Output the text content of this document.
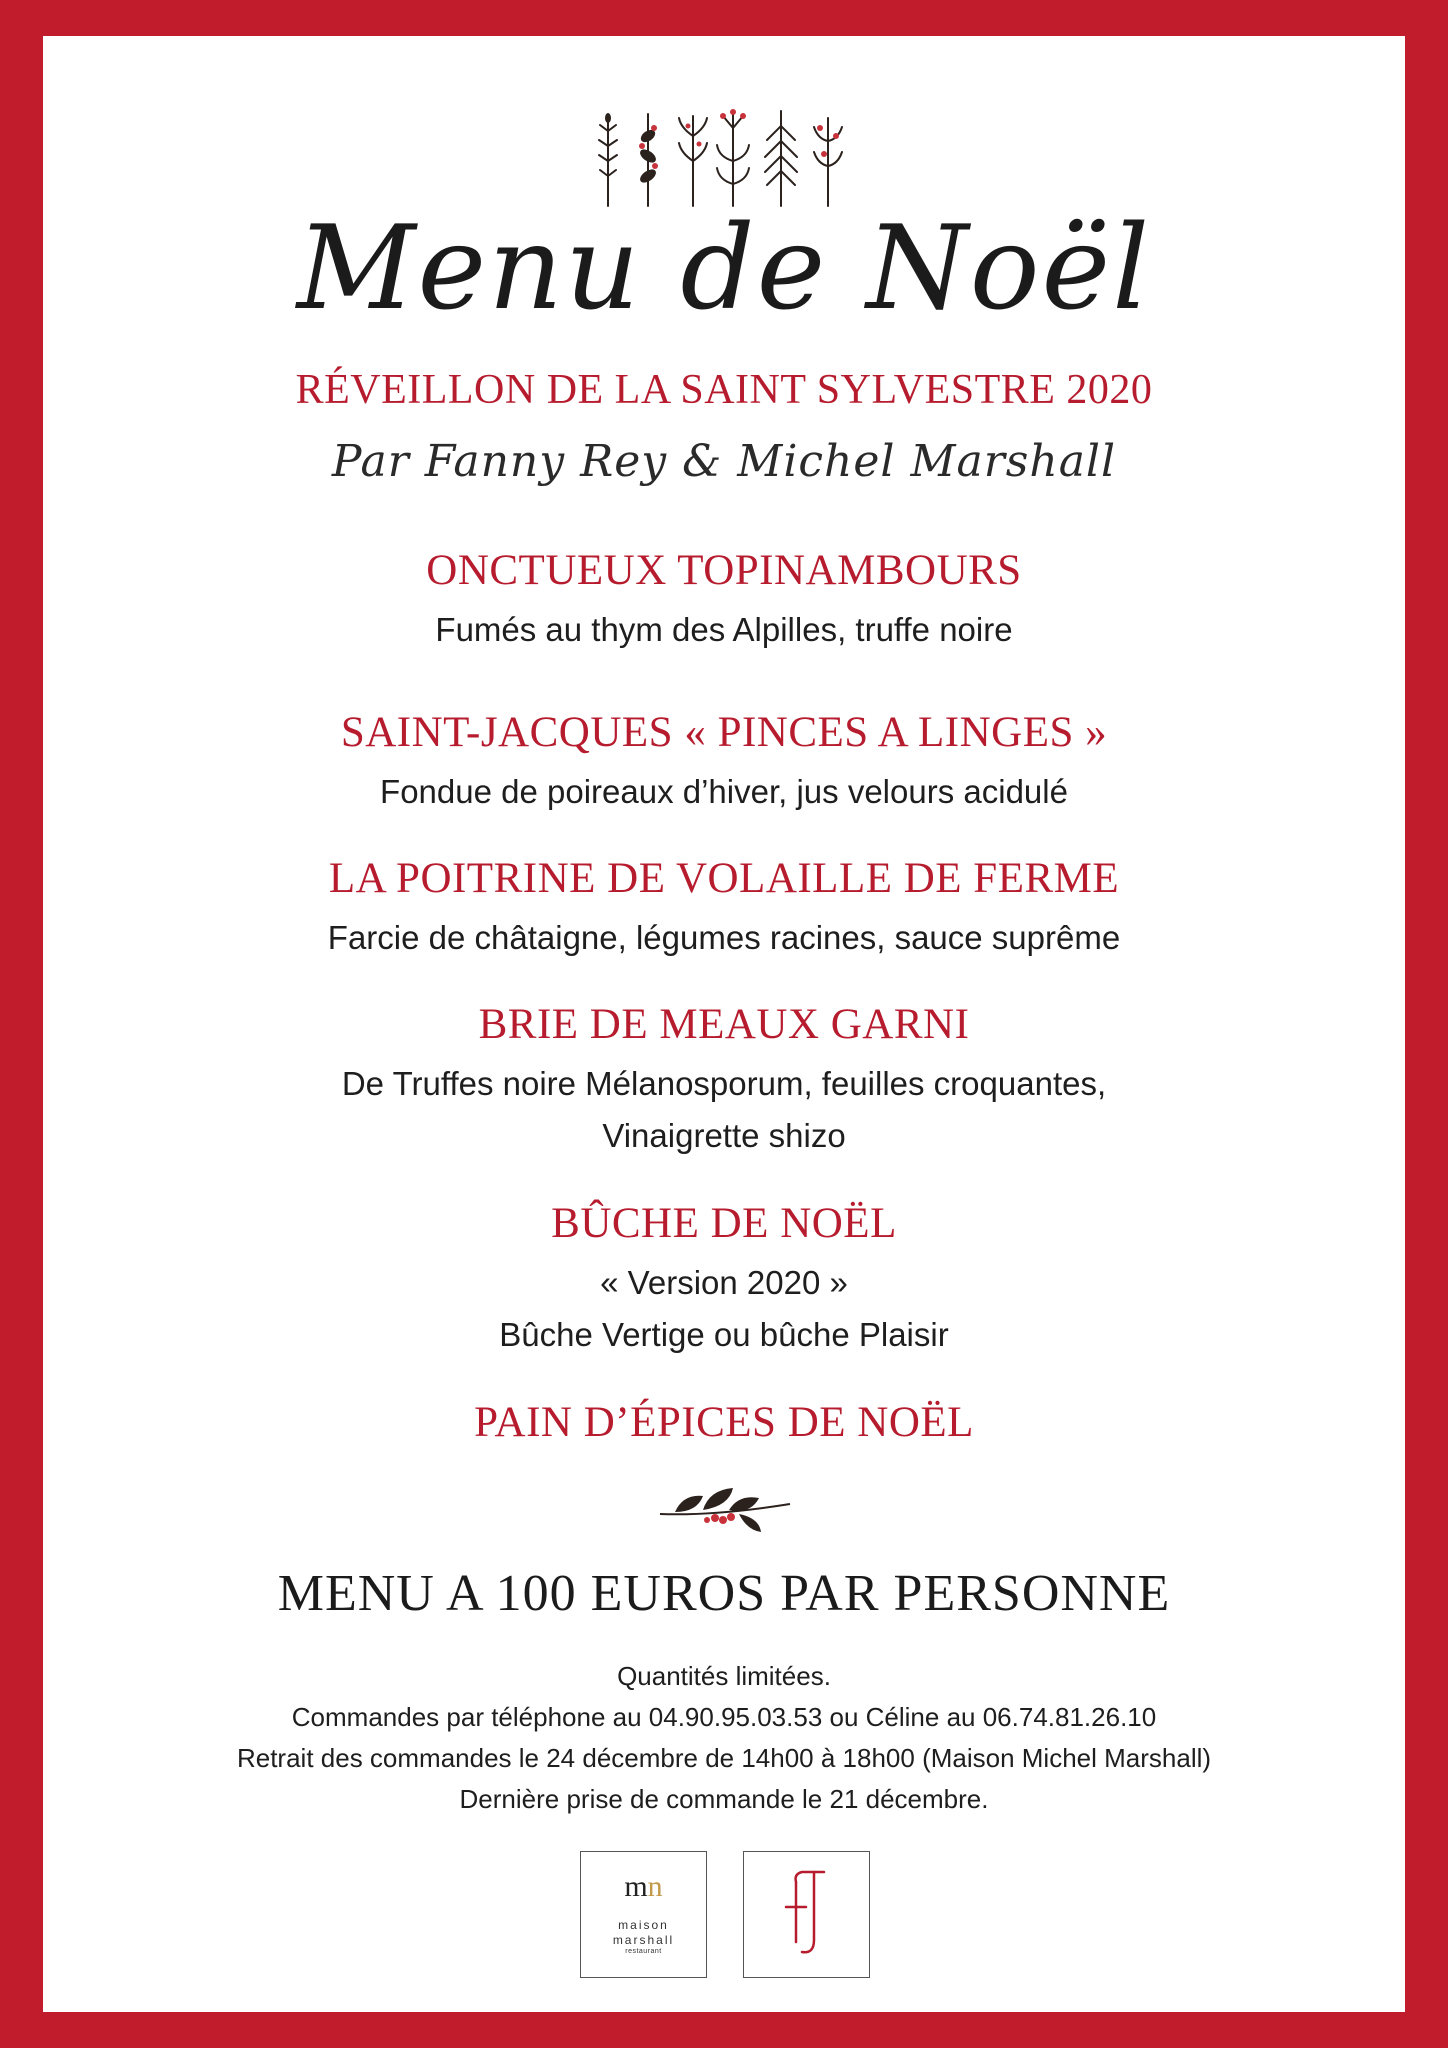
Menu de Noël
RÉVEILLON DE LA SAINT SYLVESTRE 2020
Par Fanny Rey & Michel Marshall
ONCTUEUX TOPINAMBOURS
Fumés au thym des Alpilles, truffe noire
SAINT-JACQUES « PINCES A LINGES »
Fondue de poireaux d’hiver, jus velours acidulé
LA POITRINE DE VOLAILLE DE FERME
Farcie de châtaigne, légumes racines, sauce suprême
BRIE DE MEAUX GARNI
De Truffes noire Mélanosporum, feuilles croquantes,
Vinaigrette shizo
BÛCHE DE NOËL
« Version 2020 »
Bûche Vertige ou bûche Plaisir
PAIN D’ÉPICES DE NOËL
MENU A 100 EUROS PAR PERSONNE
Quantités limitées.
Commandes par téléphone au 04.90.95.03.53 ou Céline au 06.74.81.26.10
Retrait des commandes le 24 décembre de 14h00 à 18h00 (Maison Michel Marshall)
Dernière prise de commande le 21 décembre.
mn
maison
marshall
restaurant
